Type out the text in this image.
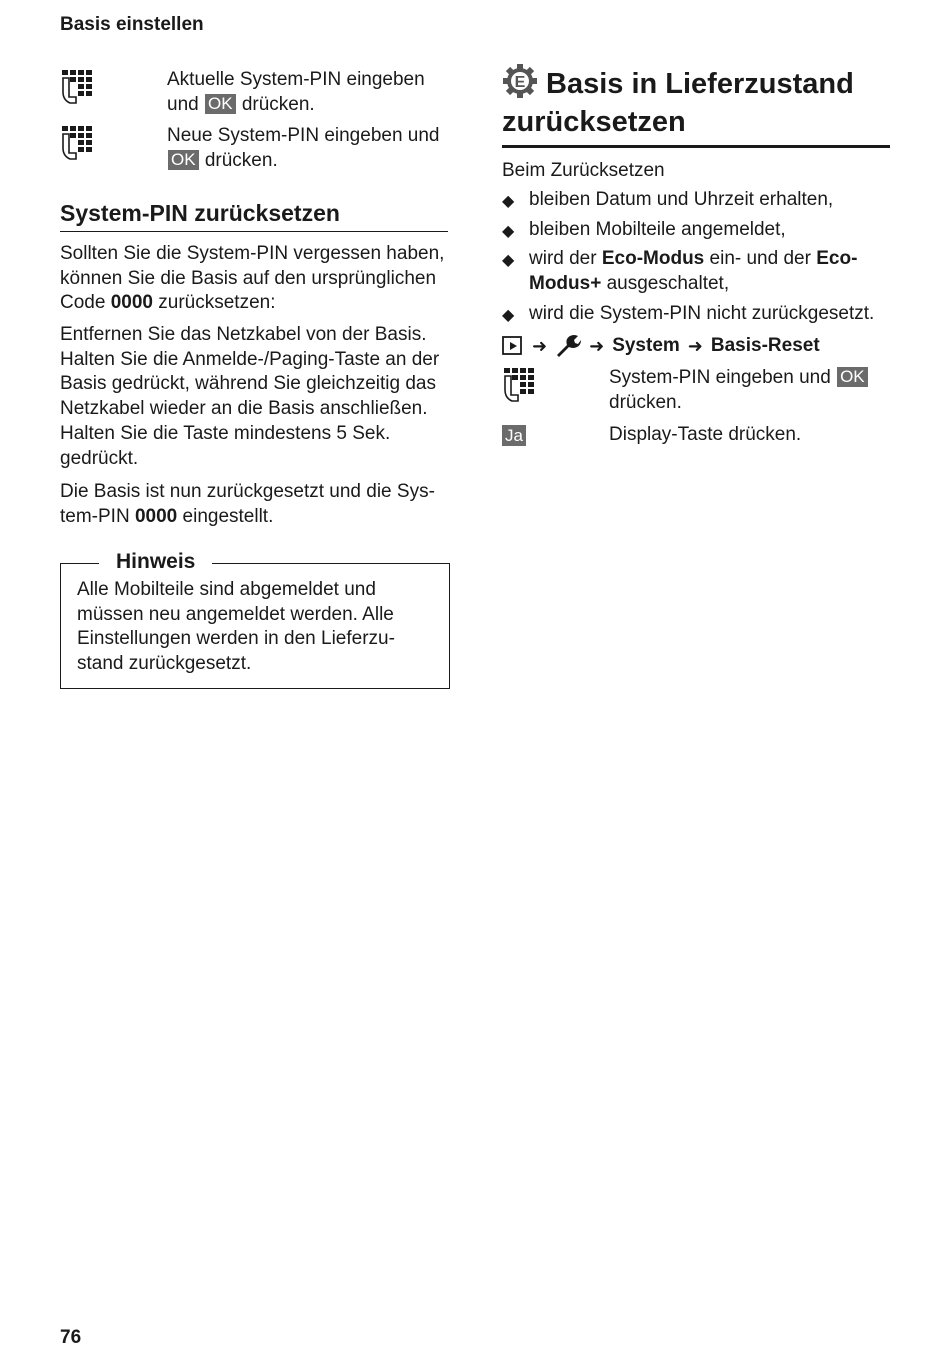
Basis einstellen
Aktuelle System-PIN eingeben und OK drücken.
Neue System-PIN eingeben und OK drücken.
System-PIN zurücksetzen
Sollten Sie die System-PIN vergessen haben, können Sie die Basis auf den ursprünglichen Code 0000 zurücksetzen:
Entfernen Sie das Netzkabel von der Basis. Halten Sie die Anmelde-/Paging-Taste an der Basis gedrückt, während Sie gleichzeitig das Netzkabel wieder an die Basis anschließen. Halten Sie die Taste mindestens 5 Sek. gedrückt.
Die Basis ist nun zurückgesetzt und die Sys-tem-PIN 0000 eingestellt.
Hinweis
Alle Mobilteile sind abgemeldet und müssen neu angemeldet werden. Alle Einstellungen werden in den Lieferzu-stand zurückgesetzt.
E Basis in Lieferzustand
zurücksetzen
Beim Zurücksetzen
◆ bleiben Datum und Uhrzeit erhalten,
◆ bleiben Mobilteile angemeldet,
◆ wird der Eco-Modus ein- und der Eco-Modus+ ausgeschaltet,
◆ wird die System-PIN nicht zurückgesetzt.
➜ ➜ System ➜ Basis-Reset
System-PIN eingeben und OK drücken.
Ja	Display-Taste drücken.
76
